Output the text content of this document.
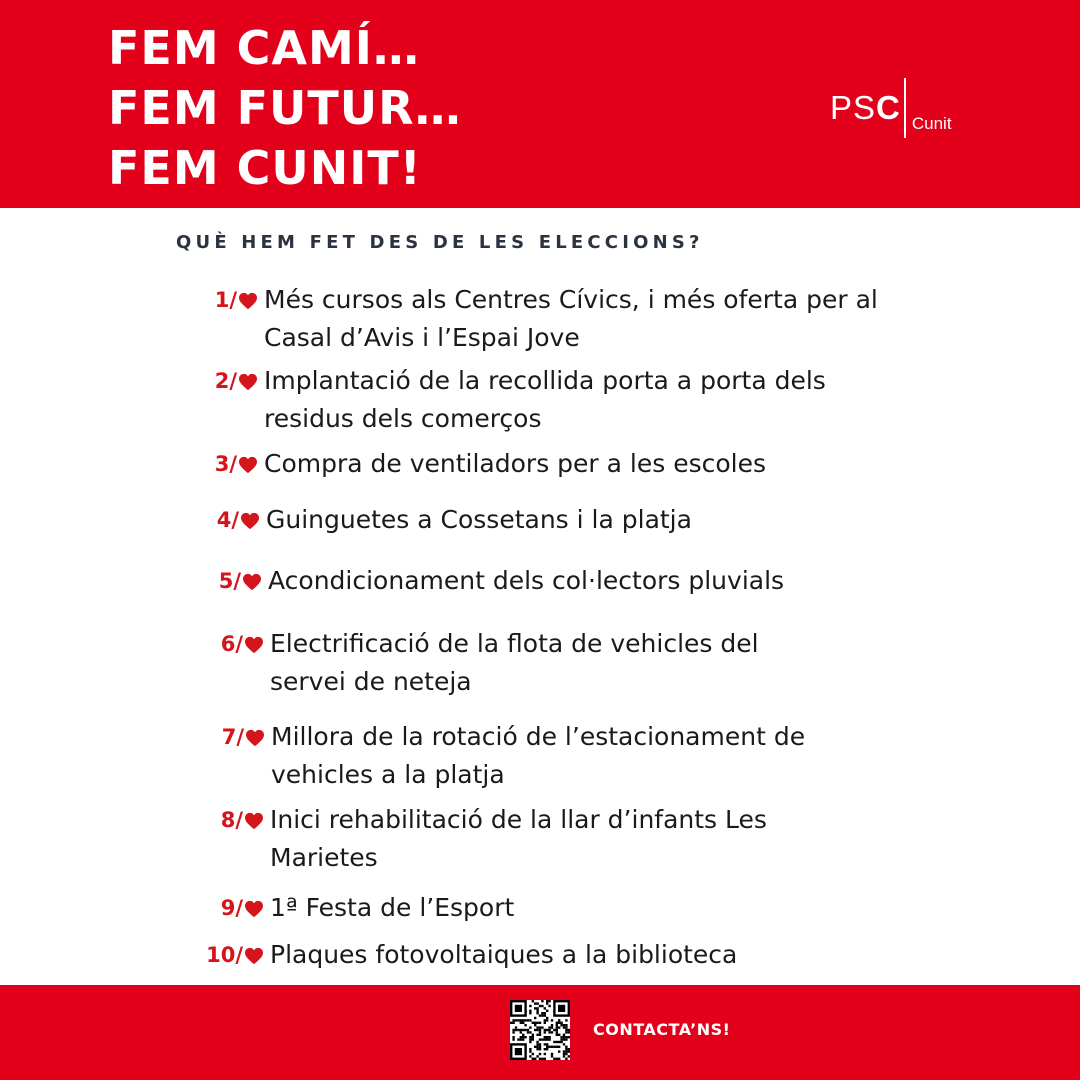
FEM CAMÍ…
FEM FUTUR…
FEM CUNIT!
PS C Cunit
QUÈ HEM FET DES DE LES ELECCIONS?
1/	Més cursos als Centres Cívics, i més oferta per al
Casal d’Avis i l’Espai Jove
2/	Implantació de la recollida porta a porta dels
residus dels comerços
3/	Compra de ventiladors per a les escoles
4/	Guinguetes a Cossetans i la platja
5/	Acondicionament dels col·lectors pluvials
6/	Electrificació de la flota de vehicles del
servei de neteja
7/	Millora de la rotació de l’estacionament de
vehicles a la platja
8/	Inici rehabilitació de la llar d’infants Les
Marietes
9/	1ª Festa de l’Esport
10/	Plaques fotovoltaiques a la biblioteca
CONTACTA’NS!
